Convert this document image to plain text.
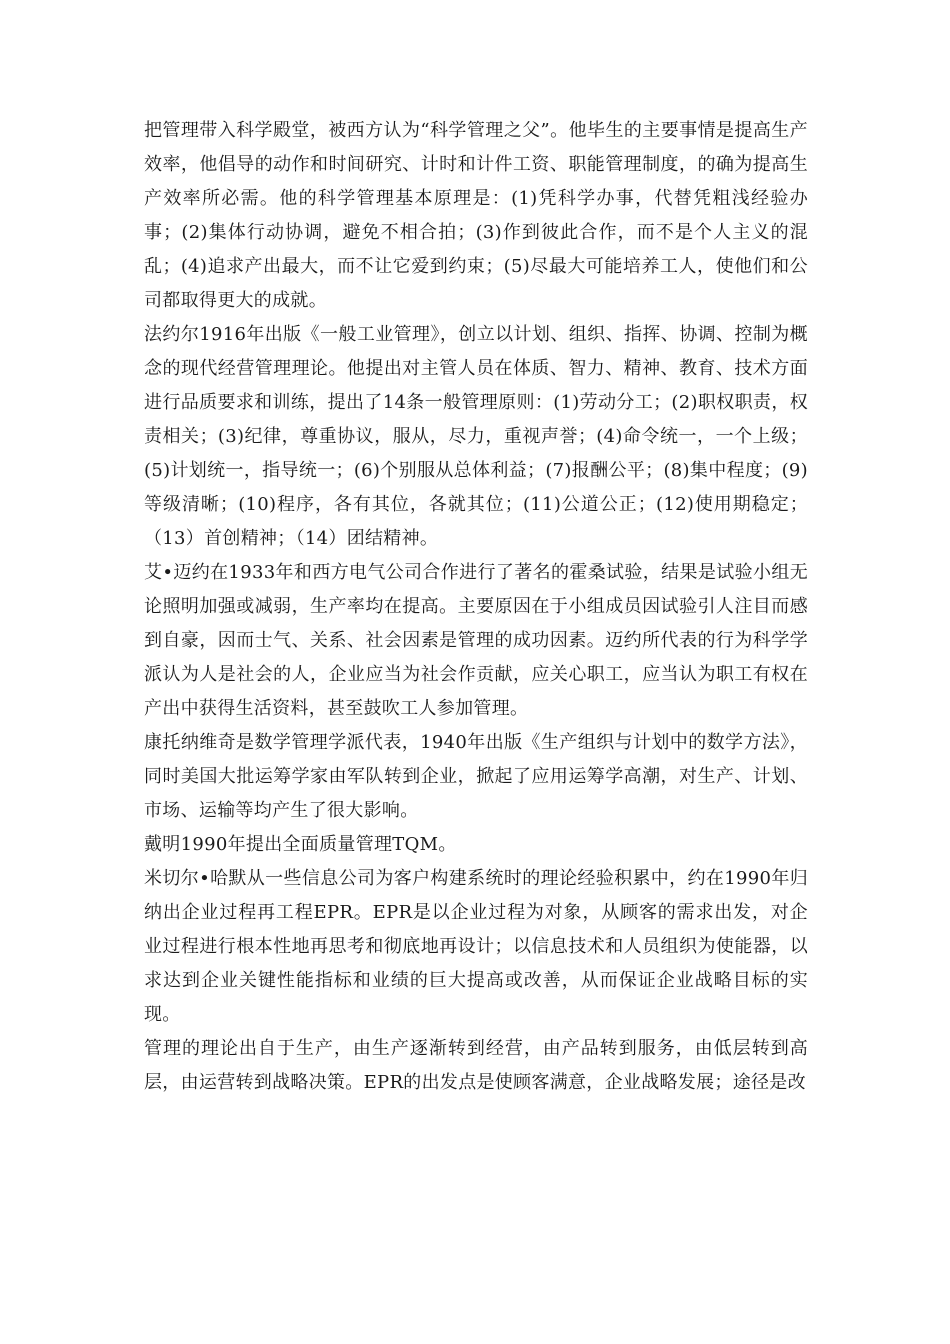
把管理带入科学殿堂，被西方认为“科学管理之父”。他毕生的主要事情是提高生产效率，他倡导的动作和时间研究、计时和计件工资、职能管理制度，的确为提高生产效率所必需。他的科学管理基本原理是：(1)凭科学办事，代替凭粗浅经验办事；(2)集体行动协调，避免不相合拍；(3)作到彼此合作，而不是个人主义的混乱；(4)追求产出最大，而不让它爱到约束；(5)尽最大可能培养工人，使他们和公司都取得更大的成就。

法约尔1916年出版《一般工业管理》，创立以计划、组织、指挥、协调、控制为概念的现代经营管理理论。他提出对主管人员在体质、智力、精神、教育、技术方面进行品质要求和训练，提出了14条一般管理原则：(1)劳动分工；(2)职权职责，权责相关；(3)纪律，尊重协议，服从，尽力，重视声誉；(4)命令统一，一个上级；(5)计划统一，指导统一；(6)个别服从总体利益；(7)报酬公平；(8)集中程度；(9)等级清晰；(10)程序，各有其位，各就其位；(11)公道公正；(12)使用期稳定；（13）首创精神；（14）团结精神。

艾•迈约在1933年和西方电气公司合作进行了著名的霍桑试验，结果是试验小组无论照明加强或减弱，生产率均在提高。主要原因在于小组成员因试验引人注目而感到自豪，因而士气、关系、社会因素是管理的成功因素。迈约所代表的行为科学学派认为人是社会的人，企业应当为社会作贡献，应关心职工，应当认为职工有权在产出中获得生活资料，甚至鼓吹工人参加管理。

康托纳维奇是数学管理学派代表，1940年出版《生产组织与计划中的数学方法》，同时美国大批运筹学家由军队转到企业，掀起了应用运筹学高潮，对生产、计划、市场、运输等均产生了很大影响。

戴明1990年提出全面质量管理TQM。

米切尔•哈默从一些信息公司为客户构建系统时的理论经验积累中，约在1990年归纳出企业过程再工程EPR。EPR是以企业过程为对象，从顾客的需求出发，对企业过程进行根本性地再思考和彻底地再设计；以信息技术和人员组织为使能器，以求达到企业关键性能指标和业绩的巨大提高或改善，从而保证企业战略目标的实现。

管理的理论出自于生产，由生产逐渐转到经营，由产品转到服务，由低层转到高层，由运营转到战略决策。EPR的出发点是使顾客满意，企业战略发展；途径是改
